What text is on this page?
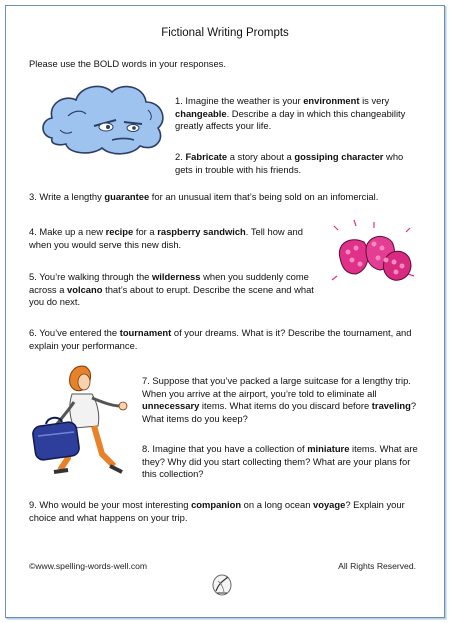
Fictional Writing Prompts
Please use the BOLD words in your responses.
1. Imagine the weather is your environment is very changeable. Describe a day in which this changeability greatly affects your life.
2. Fabricate a story about a gossiping character who gets in trouble with his friends.
3. Write a lengthy guarantee for an unusual item that’s being sold on an infomercial.
4. Make up a new recipe for a raspberry sandwich. Tell how and when you would serve this new dish.
5. You’re walking through the wilderness when you suddenly come across a volcano that’s about to erupt. Describe the scene and what you do next.
6. You’ve entered the tournament of your dreams. What is it? Describe the tournament, and explain your performance.
7. Suppose that you’ve packed a large suitcase for a lengthy trip. When you arrive at the airport, you’re told to eliminate all unnecessary items. What items do you discard before traveling? What items do you keep?
8. Imagine that you have a collection of miniature items. What are they? Why did you start collecting them? What are your plans for this collection?
9. Who would be your most interesting companion on a long ocean voyage? Explain your choice and what happens on your trip.
©www.spelling-words-well.com	All Rights Reserved.
